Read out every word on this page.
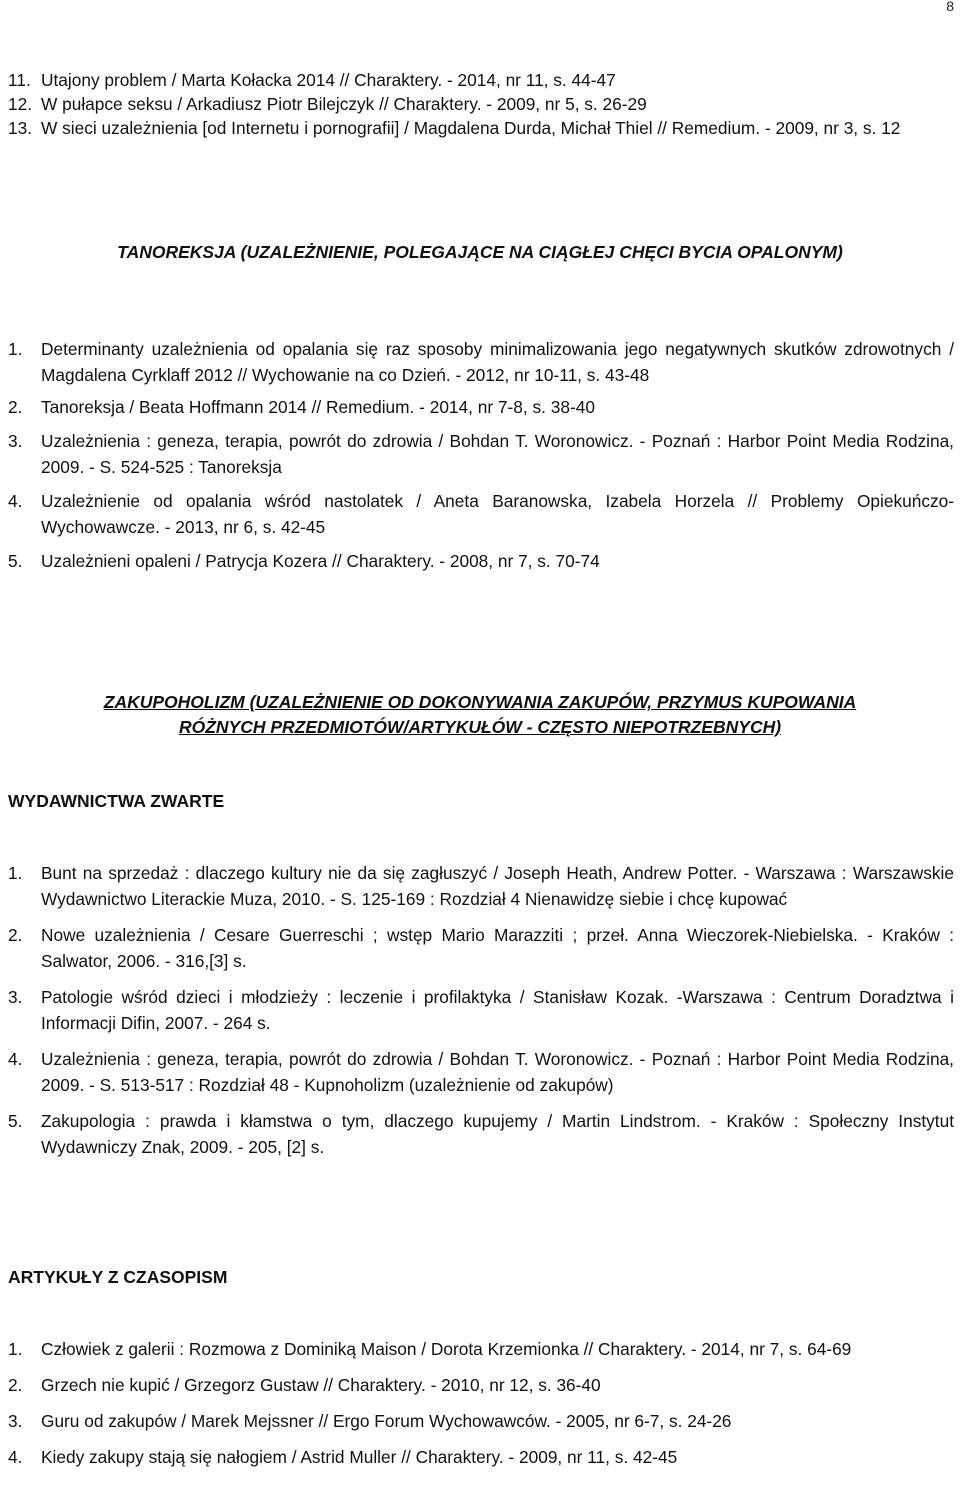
8
11. Utajony problem / Marta Kołacka 2014 // Charaktery. - 2014, nr 11, s. 44-47
12. W pułapce seksu / Arkadiusz Piotr Bilejczyk // Charaktery. - 2009, nr 5, s. 26-29
13. W sieci uzależnienia [od Internetu i pornografii] / Magdalena Durda, Michał Thiel // Remedium. - 2009, nr 3, s. 12
TANOREKSJA (UZALEŻNIENIE, POLEGAJĄCE NA CIĄGŁEJ CHĘCI BYCIA OPALONYM)
1. Determinanty uzależnienia od opalania się raz sposoby minimalizowania jego negatywnych skutków zdrowotnych / Magdalena Cyrklaff 2012 // Wychowanie na co Dzień. - 2012, nr 10-11, s. 43-48
2. Tanoreksja / Beata Hoffmann 2014 // Remedium. - 2014, nr 7-8, s. 38-40
3. Uzależnienia : geneza, terapia, powrót do zdrowia / Bohdan T. Woronowicz. - Poznań : Harbor Point Media Rodzina, 2009. - S. 524-525 : Tanoreksja
4. Uzależnienie od opalania wśród nastolatek / Aneta Baranowska, Izabela Horzela // Problemy Opiekuńczo-Wychowawcze. - 2013, nr 6, s. 42-45
5. Uzależnieni opaleni / Patrycja Kozera // Charaktery. - 2008, nr 7, s. 70-74
ZAKUPOHOLIZM (UZALEŻNIENIE OD DOKONYWANIA ZAKUPÓW, PRZYMUS KUPOWANIA RÓŻNYCH PRZEDMIOTÓW/ARTYKUŁÓW - CZĘSTO NIEPOTRZEBNYCH)
WYDAWNICTWA ZWARTE
1. Bunt na sprzedaż : dlaczego kultury nie da się zagłuszyć / Joseph Heath, Andrew Potter. - Warszawa : Warszawskie Wydawnictwo Literackie Muza, 2010. - S. 125-169 : Rozdział 4 Nienawidzę siebie i chcę kupować
2. Nowe uzależnienia / Cesare Guerreschi ; wstęp Mario Marazziti ; przeł. Anna Wieczorek-Niebielska. - Kraków : Salwator, 2006. - 316,[3] s.
3. Patologie wśród dzieci i młodzieży : leczenie i profilaktyka / Stanisław Kozak. -Warszawa : Centrum Doradztwa i Informacji Difin, 2007. - 264 s.
4. Uzależnienia : geneza, terapia, powrót do zdrowia / Bohdan T. Woronowicz. - Poznań : Harbor Point Media Rodzina, 2009. - S. 513-517 : Rozdział 48 - Kupnoholizm (uzależnienie od zakupów)
5. Zakupologia : prawda i kłamstwa o tym, dlaczego kupujemy / Martin Lindstrom. - Kraków : Społeczny Instytut Wydawniczy Znak, 2009. - 205, [2] s.
ARTYKUŁY Z CZASOPISM
1. Człowiek z galerii : Rozmowa z Dominiką Maison / Dorota Krzemionka // Charaktery. - 2014, nr 7, s. 64-69
2. Grzech nie kupić / Grzegorz Gustaw // Charaktery. - 2010, nr 12, s. 36-40
3. Guru od zakupów / Marek Mejssner // Ergo Forum Wychowawców. - 2005, nr 6-7, s. 24-26
4. Kiedy zakupy stają się nałogiem / Astrid Muller // Charaktery. - 2009, nr 11, s. 42-45
